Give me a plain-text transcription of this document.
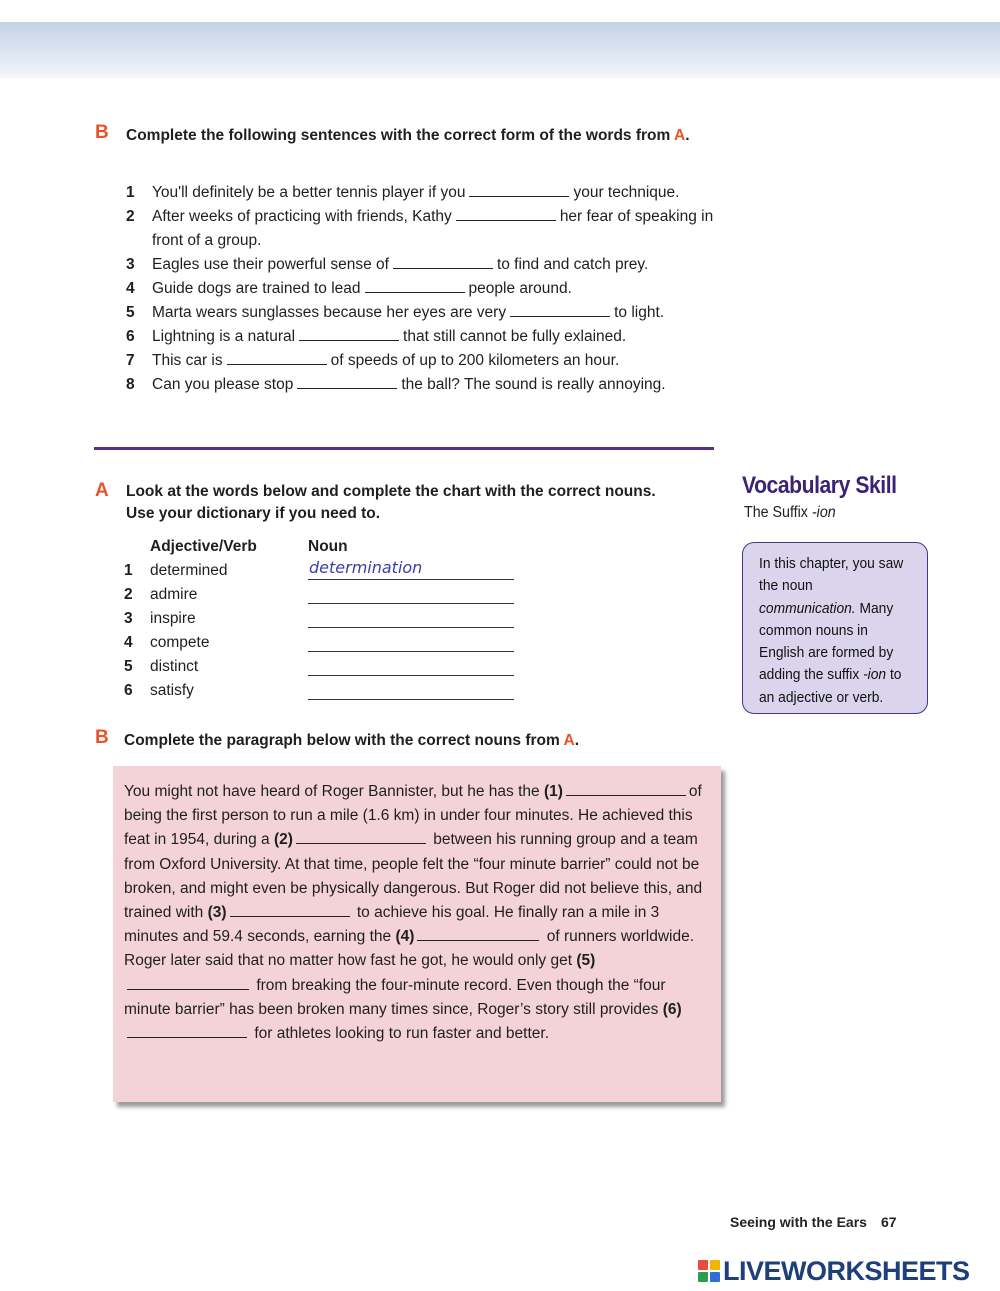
B Complete the following sentences with the correct form of the words from A.
1	You'll definitely be a better tennis player if you	your technique.
2	After weeks of practicing with friends, Kathy	her fear of speaking in front of a group.
3	Eagles use their powerful sense of	to find and catch prey.
4	Guide dogs are trained to lead	people around.
5	Marta wears sunglasses because her eyes are very	to light.
6	Lightning is a natural	that still cannot be fully exlained.
7	This car is	of speeds of up to 200 kilometers an hour.
8	Can you please stop	the ball? The sound is really annoying.
A Look at the words below and complete the chart with the correct nouns. Use your dictionary if you need to.
Adjective/Verb	Noun
1 determined	determination
2 admire
3 inspire
4 compete
5 distinct
6 satisfy
B Complete the paragraph below with the correct nouns from A.

You might not have heard of Roger Bannister, but he has the (1)	of being the first person to run a mile (1.6 km) in under four minutes. He achieved this feat in 1954, during a (2)	between his running group and a team from Oxford University. At that time, people felt the “four minute barrier” could not be broken, and might even be physically dangerous. But Roger did not believe this, and trained with (3)	to achieve his goal. He finally ran a mile in 3 minutes and 59.4 seconds, earning the (4)	of runners worldwide. Roger later said that no matter how fast he got, he would only get (5) from breaking the four-minute record. Even though the “four minute barrier” has been broken many times since, Roger’s story still provides (6) for athletes looking to run faster and better.

Vocabulary Skill
The Suffix -ion
In this chapter, you saw the noun communication. Many common nouns in English are formed by adding the suffix -ion to an adjective or verb.
Seeing with the Ears 67
LIVEWORKSHEETS
